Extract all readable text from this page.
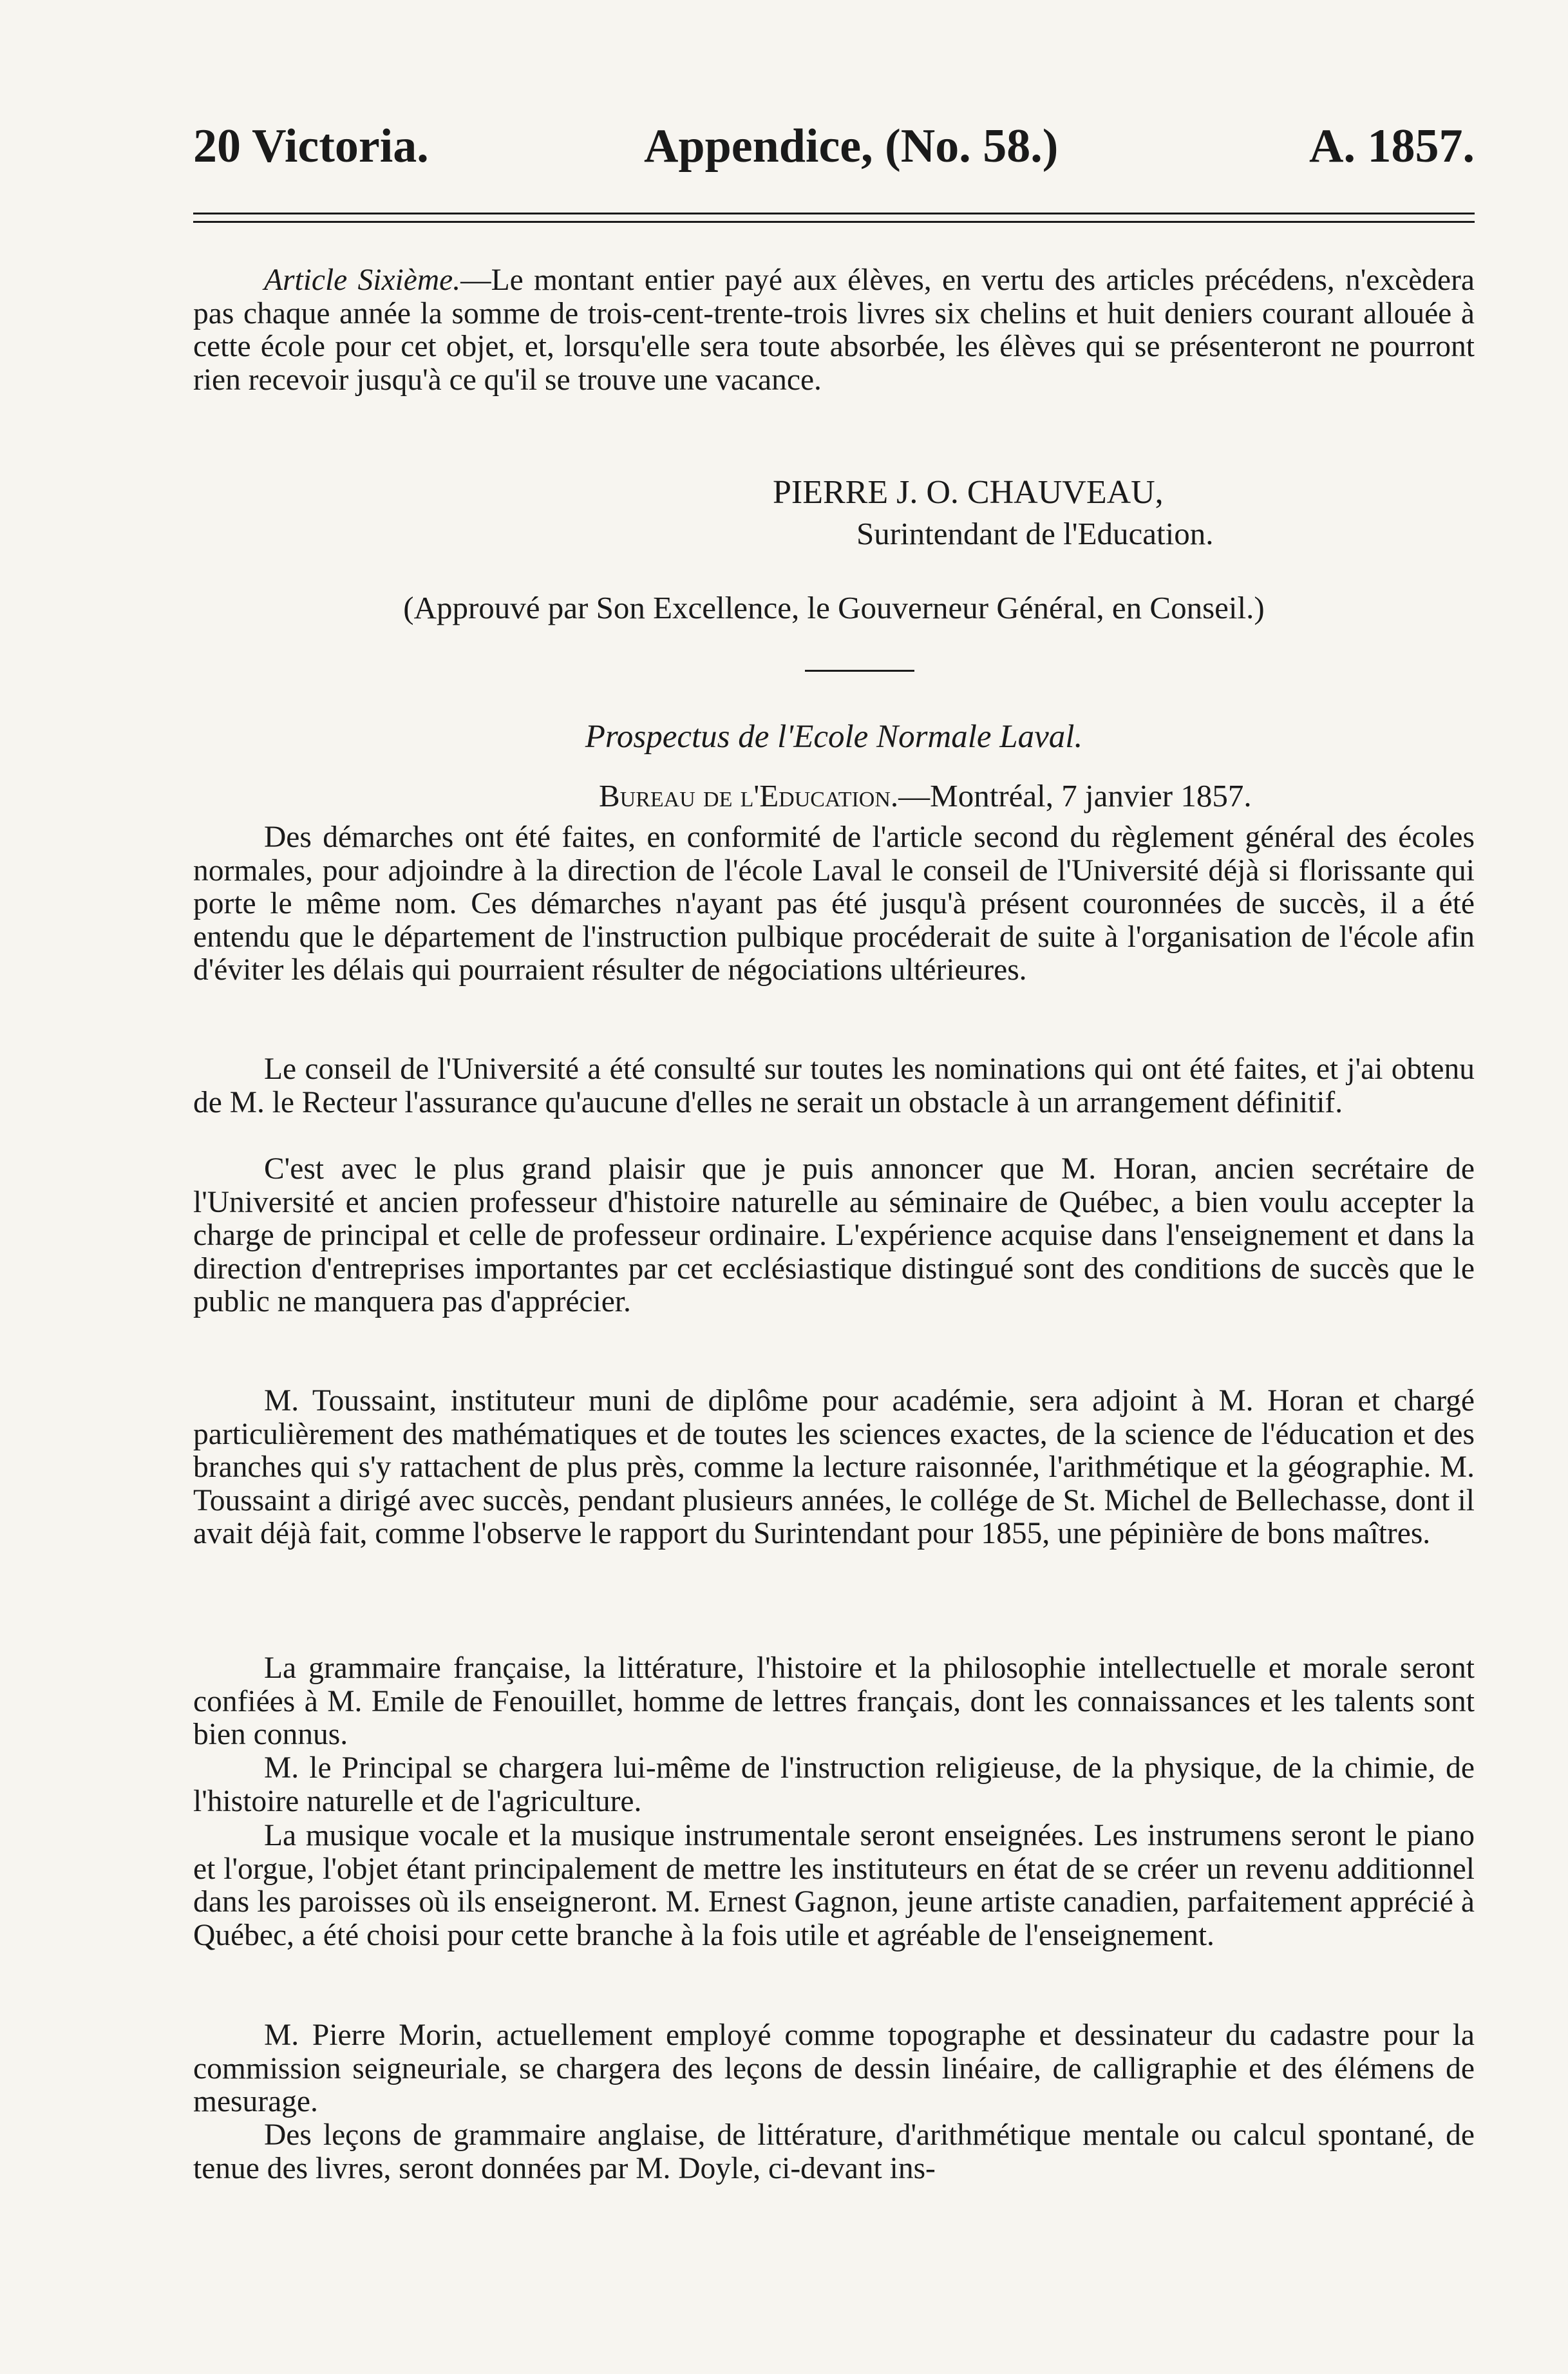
20 Victoria.	Appendice, (No. 58.)	A. 1857.

Article Sixième.—Le montant entier payé aux élèves, en vertu des articles précédens, n'excèdera pas chaque année la somme de trois-cent-trente-trois livres six chelins et huit deniers courant allouée à cette école pour cet objet, et, lorsqu'elle sera toute absorbée, les élèves qui se présenteront ne pourront rien recevoir jusqu'à ce qu'il se trouve une vacance.

PIERRE J. O. CHAUVEAU,

Surintendant de l'Education.

(Approuvé par Son Excellence, le Gouverneur Général, en Conseil.)

Prospectus de l'Ecole Normale Laval.

Bureau de l'Education.—Montréal, 7 janvier 1857.

Des démarches ont été faites, en conformité de l'article second du règlement général des écoles normales, pour adjoindre à la direction de l'école Laval le conseil de l'Université déjà si florissante qui porte le même nom. Ces démarches n'ayant pas été jusqu'à présent couronnées de succès, il a été entendu que le département de l'instruction pulbique procéderait de suite à l'organisation de l'école afin d'éviter les délais qui pourraient résulter de négociations ultérieures.

Le conseil de l'Université a été consulté sur toutes les nominations qui ont été faites, et j'ai obtenu de M. le Recteur l'assurance qu'aucune d'elles ne serait un obstacle à un arrangement définitif.

C'est avec le plus grand plaisir que je puis annoncer que M. Horan, ancien secrétaire de l'Université et ancien professeur d'histoire naturelle au séminaire de Québec, a bien voulu accepter la charge de principal et celle de professeur ordinaire. L'expérience acquise dans l'enseignement et dans la direction d'entreprises importantes par cet ecclésiastique distingué sont des conditions de succès que le public ne manquera pas d'apprécier.

M. Toussaint, instituteur muni de diplôme pour académie, sera adjoint à M. Horan et chargé particulièrement des mathématiques et de toutes les sciences exactes, de la science de l'éducation et des branches qui s'y rattachent de plus près, comme la lecture raisonnée, l'arithmétique et la géographie. M. Toussaint a dirigé avec succès, pendant plusieurs années, le collége de St. Michel de Bellechasse, dont il avait déjà fait, comme l'observe le rapport du Surintendant pour 1855, une pépinière de bons maîtres.

La grammaire française, la littérature, l'histoire et la philosophie intellectuelle et morale seront confiées à M. Emile de Fenouillet, homme de lettres français, dont les connaissances et les talents sont bien connus.

M. le Principal se chargera lui-même de l'instruction religieuse, de la physique, de la chimie, de l'histoire naturelle et de l'agriculture.

La musique vocale et la musique instrumentale seront enseignées. Les instrumens seront le piano et l'orgue, l'objet étant principalement de mettre les instituteurs en état de se créer un revenu additionnel dans les paroisses où ils enseigneront. M. Ernest Gagnon, jeune artiste canadien, parfaitement apprécié à Québec, a été choisi pour cette branche à la fois utile et agréable de l'enseignement.

M. Pierre Morin, actuellement employé comme topographe et dessinateur du cadastre pour la commission seigneuriale, se chargera des leçons de dessin linéaire, de calligraphie et des élémens de mesurage.

Des leçons de grammaire anglaise, de littérature, d'arithmétique mentale ou calcul spontané, de tenue des livres, seront données par M. Doyle, ci-devant ins-
